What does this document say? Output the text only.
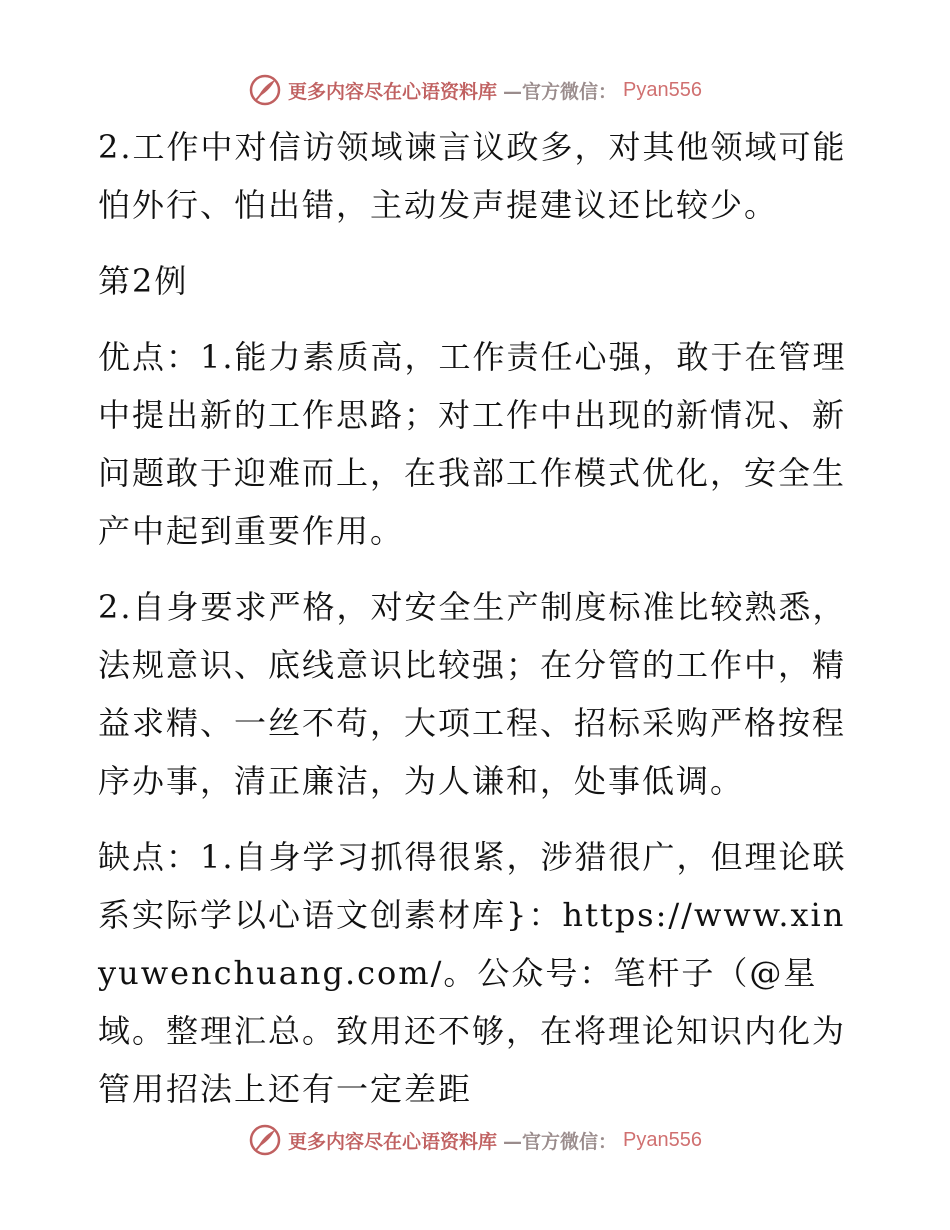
更多内容尽在心语资料库 —官方微信： Pyan556

2.工作中对信访领域谏言议政多，对其他领域可能怕外行、怕出错，主动发声提建议还比较少。

第2例

优点：1.能力素质高，工作责任心强，敢于在管理中提出新的工作思路；对工作中出现的新情况、新问题敢于迎难而上，在我部工作模式优化，安全生产中起到重要作用。

2.自身要求严格，对安全生产制度标准比较熟悉，法规意识、底线意识比较强；在分管的工作中，精益求精、一丝不苟，大项工程、招标采购严格按程序办事，清正廉洁，为人谦和，处事低调。

缺点：1.自身学习抓得很紧，涉猎很广，但理论联系实际学以心语文创素材库}：https://www.xinyuwenchuang.com/。公众号：笔杆子（@星域。整理汇总。致用还不够，在将理论知识内化为管用招法上还有一定差距

更多内容尽在心语资料库 —官方微信： Pyan556
